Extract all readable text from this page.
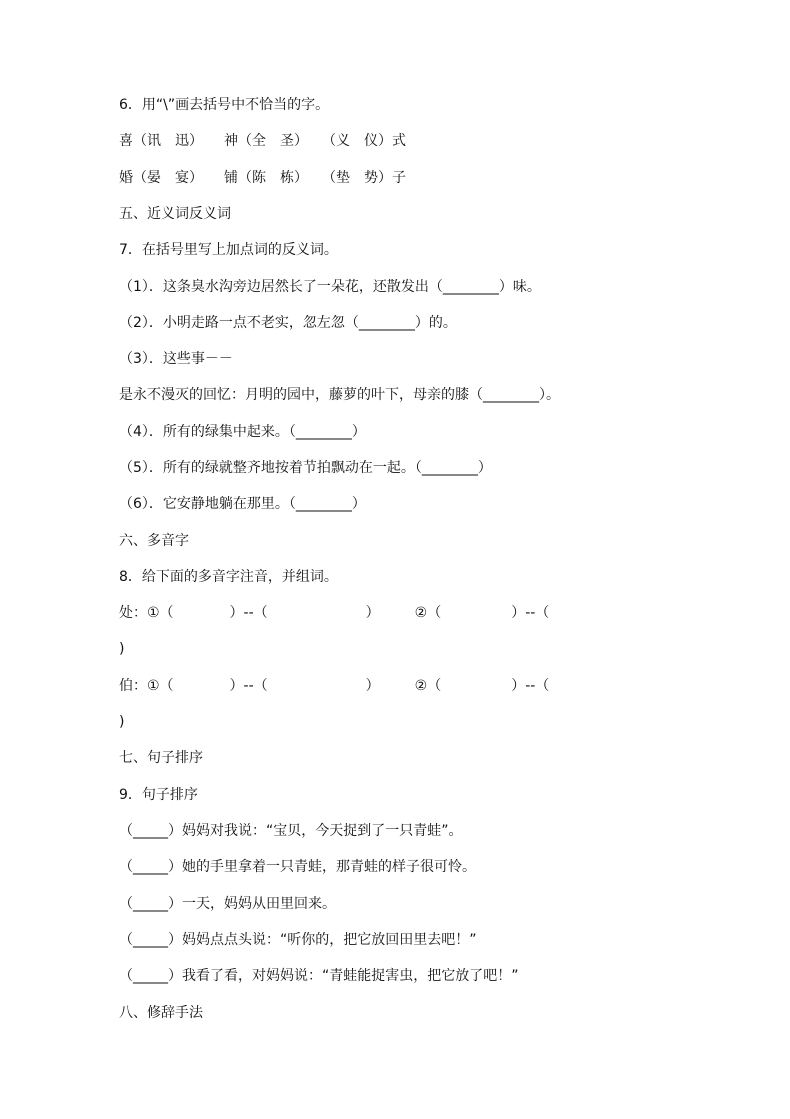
6．用“\”画去括号中不恰当的字。
喜（讯　迅）　　神（全　圣）　　（义　仪）式
婚（晏　宴）　　铺（陈　栋）　　（垫　势）子
五、近义词反义词
7．在括号里写上加点词的反义词。
（1）．这条臭水沟旁边居然长了一朵花，还散发出（________）味。
（2）．小明走路一点不老实，忽左忽（________）的。
（3）．这些事－－
是永不漫灭的回忆：月明的园中，藤萝的叶下，母亲的膝（________）。
（4）．所有的绿集中起来。（________）
（5）．所有的绿就整齐地按着节拍飘动在一起。（________）
（6）．它安静地躺在那里。（________）
六、多音字
8．给下面的多音字注音，并组词。
处：①（　　　　）--（　　　　　　　）　　　②（　　　　　）--（
)
伯：①（　　　　）--（　　　　　　　）　　　②（　　　　　）--（
)
七、句子排序
9．句子排序
（_____）妈妈对我说：“宝贝，今天捉到了一只青蛙”。
（_____）她的手里拿着一只青蛙，那青蛙的样子很可怜。
（_____）一天，妈妈从田里回来。
（_____）妈妈点点头说：“听你的，把它放回田里去吧！”
（_____）我看了看，对妈妈说：“青蛙能捉害虫，把它放了吧！”
八、修辞手法
